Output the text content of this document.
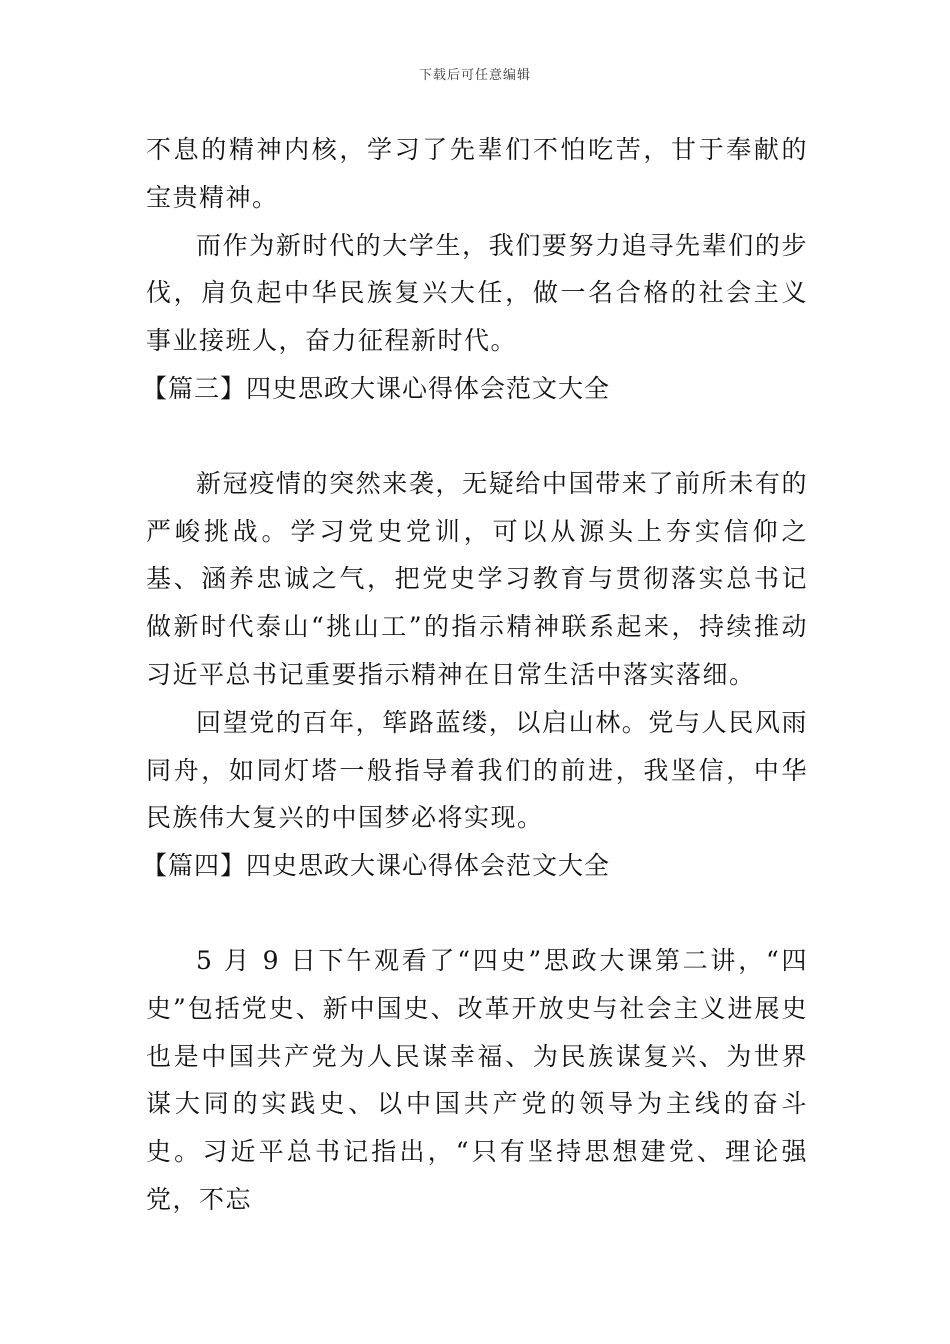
下载后可任意编辑

不息的精神内核，学习了先辈们不怕吃苦，甘于奉献的宝贵精神。

而作为新时代的大学生，我们要努力追寻先辈们的步伐，肩负起中华民族复兴大任，做一名合格的社会主义事业接班人，奋力征程新时代。

【篇三】四史思政大课心得体会范文大全

新冠疫情的突然来袭，无疑给中国带来了前所未有的严峻挑战。学习党史党训，可以从源头上夯实信仰之基、涵养忠诚之气，把党史学习教育与贯彻落实总书记做新时代泰山“挑山工”的指示精神联系起来，持续推动习近平总书记重要指示精神在日常生活中落实落细。

回望党的百年，筚路蓝缕，以启山林。党与人民风雨同舟，如同灯塔一般指导着我们的前进，我坚信，中华民族伟大复兴的中国梦必将实现。

【篇四】四史思政大课心得体会范文大全

5 月 9 日下午观看了“四史”思政大课第二讲，“四史”包括党史、新中国史、改革开放史与社会主义进展史也是中国共产党为人民谋幸福、为民族谋复兴、为世界谋大同的实践史、以中国共产党的领导为主线的奋斗史。习近平总书记指出，“只有坚持思想建党、理论强党，不忘
